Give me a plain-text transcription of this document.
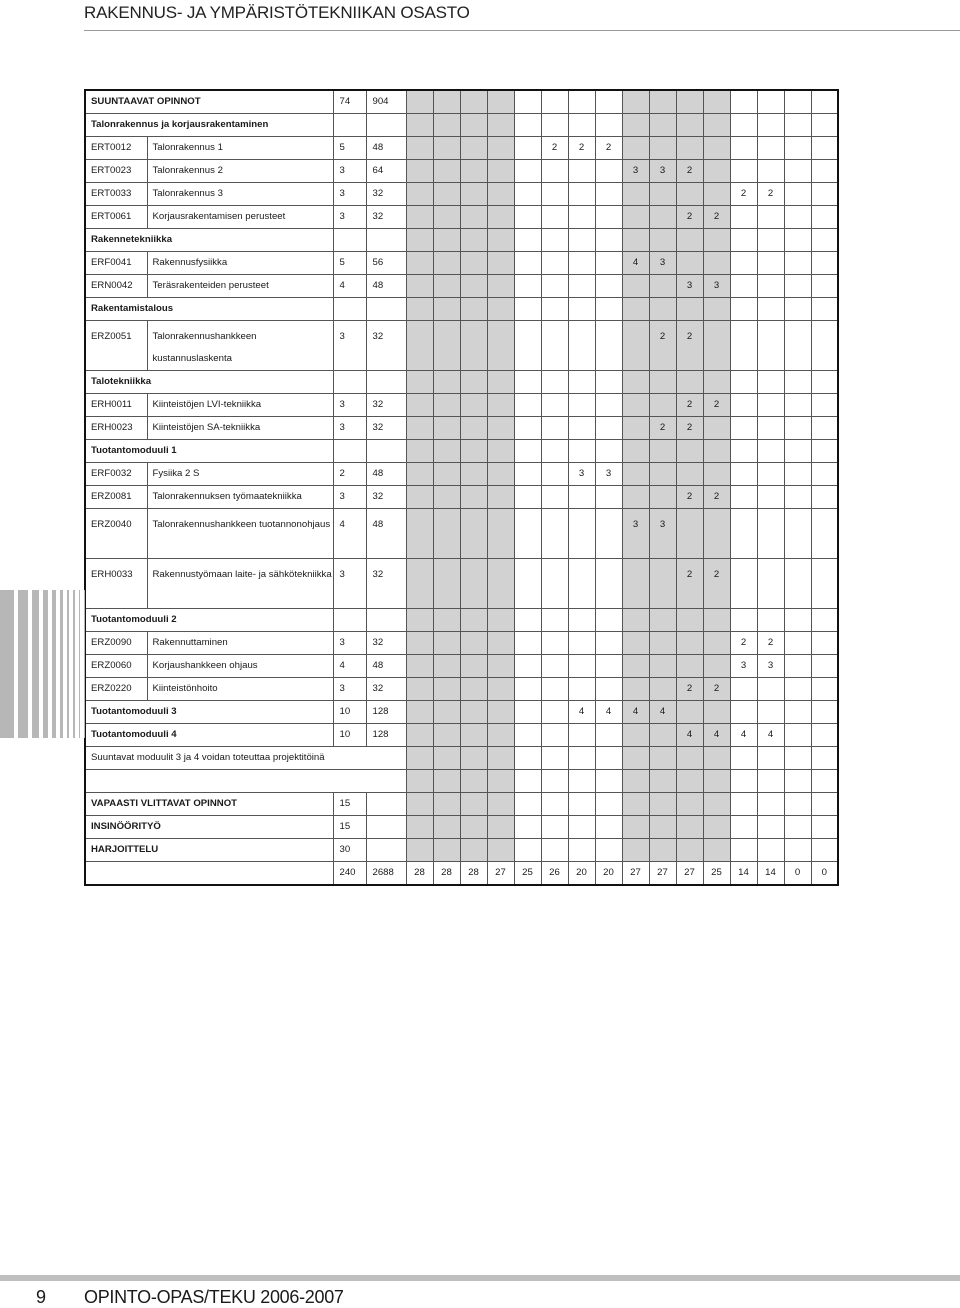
RAKENNUS- JA YMPÄRISTÖTEKNIIKAN OSASTO
SUUNTAAVAT OPINNOT		74	904																
Talonrakennus ja korjausrakentaminen																			
ERT0012	Talonrakennus 1	5	48						2	2	2								
ERT0023	Talonrakennus 2	3	64									3	3	2					
ERT0033	Talonrakennus 3	3	32													2	2		
ERT0061	Korjausrakentamisen perusteet	3	32											2	2				
Rakennetekniikka																			
ERF0041	Rakennusfysiikka	5	56									4	3						
ERN0042	Teräsrakenteiden perusteet	4	48											3	3				
Rakentamistalous																			
ERZ0051	Talonrakennushankkeen kustannuslaskenta	3	32										2	2					
Talotekniikka																			
ERH0011	Kiinteistöjen LVI-tekniikka	3	32											2	2				
ERH0023	Kiinteistöjen SA-tekniikka	3	32										2	2					
Tuotantomoduuli 1																			
ERF0032	Fysiika 2 S	2	48							3	3								
ERZ0081	Talonrakennuksen työmaatekniikka	3	32											2	2				
ERZ0040	Talonrakennushankkeen tuotannonohjaus	4	48									3	3						
ERH0033	Rakennustyömaan laite- ja sähkötekniikka	3	32											2	2				
Tuotantomoduuli 2																			
ERZ0090	Rakennuttaminen	3	32													2	2		
ERZ0060	Korjaushankkeen ohjaus	4	48													3	3		
ERZ0220	Kiinteistönhoito	3	32											2	2				
Tuotantomoduuli 3		10	128							4	4	4	4						
Tuotantomoduuli 4		10	128											4	4	4	4		
Suuntavat moduulit 3 ja 4 voidan toteuttaa projektitöinä																			

VAPAASTI VLITTAVAT OPINNOT		15																	
INSINÖÖRITYÖ		15																	
HARJOITTELU		30																	
		240	2688	28	28	28	27	25	26	20	20	27	27	27	25	14	14	0	0
9 OPINTO-OPAS/TEKU 2006-2007
